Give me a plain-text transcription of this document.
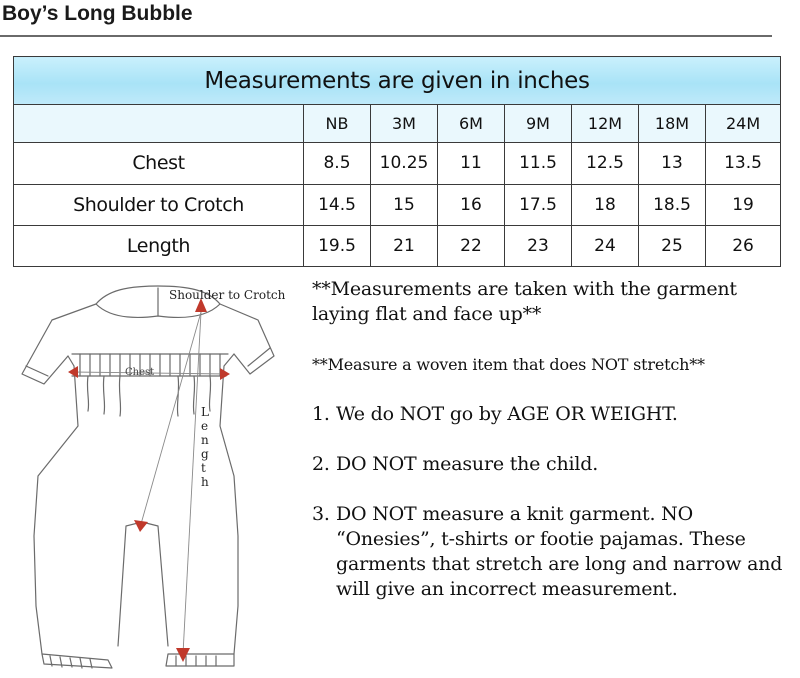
Boy’s Long Bubble
Measurements are given in inches							
	NB	3M	6M	9M	12M	18M	24M
Chest	8.5	10.25	11	11.5	12.5	13	13.5
Shoulder to Crotch	14.5	15	16	17.5	18	18.5	19
Length	19.5	21	22	23	24	25	26
Shoulder to Crotch
Chest
L
e
n
g
t
h

**Measurements are taken with the garment laying flat and face up**

**Measure a woven item that does NOT stretch**

1. We do NOT go by AGE OR WEIGHT.
2. DO NOT measure the child.
3. DO NOT measure a knit garment. NO “Onesies”, t-shirts or footie pajamas. These garments that stretch are long and narrow and will give an incorrect measurement.
